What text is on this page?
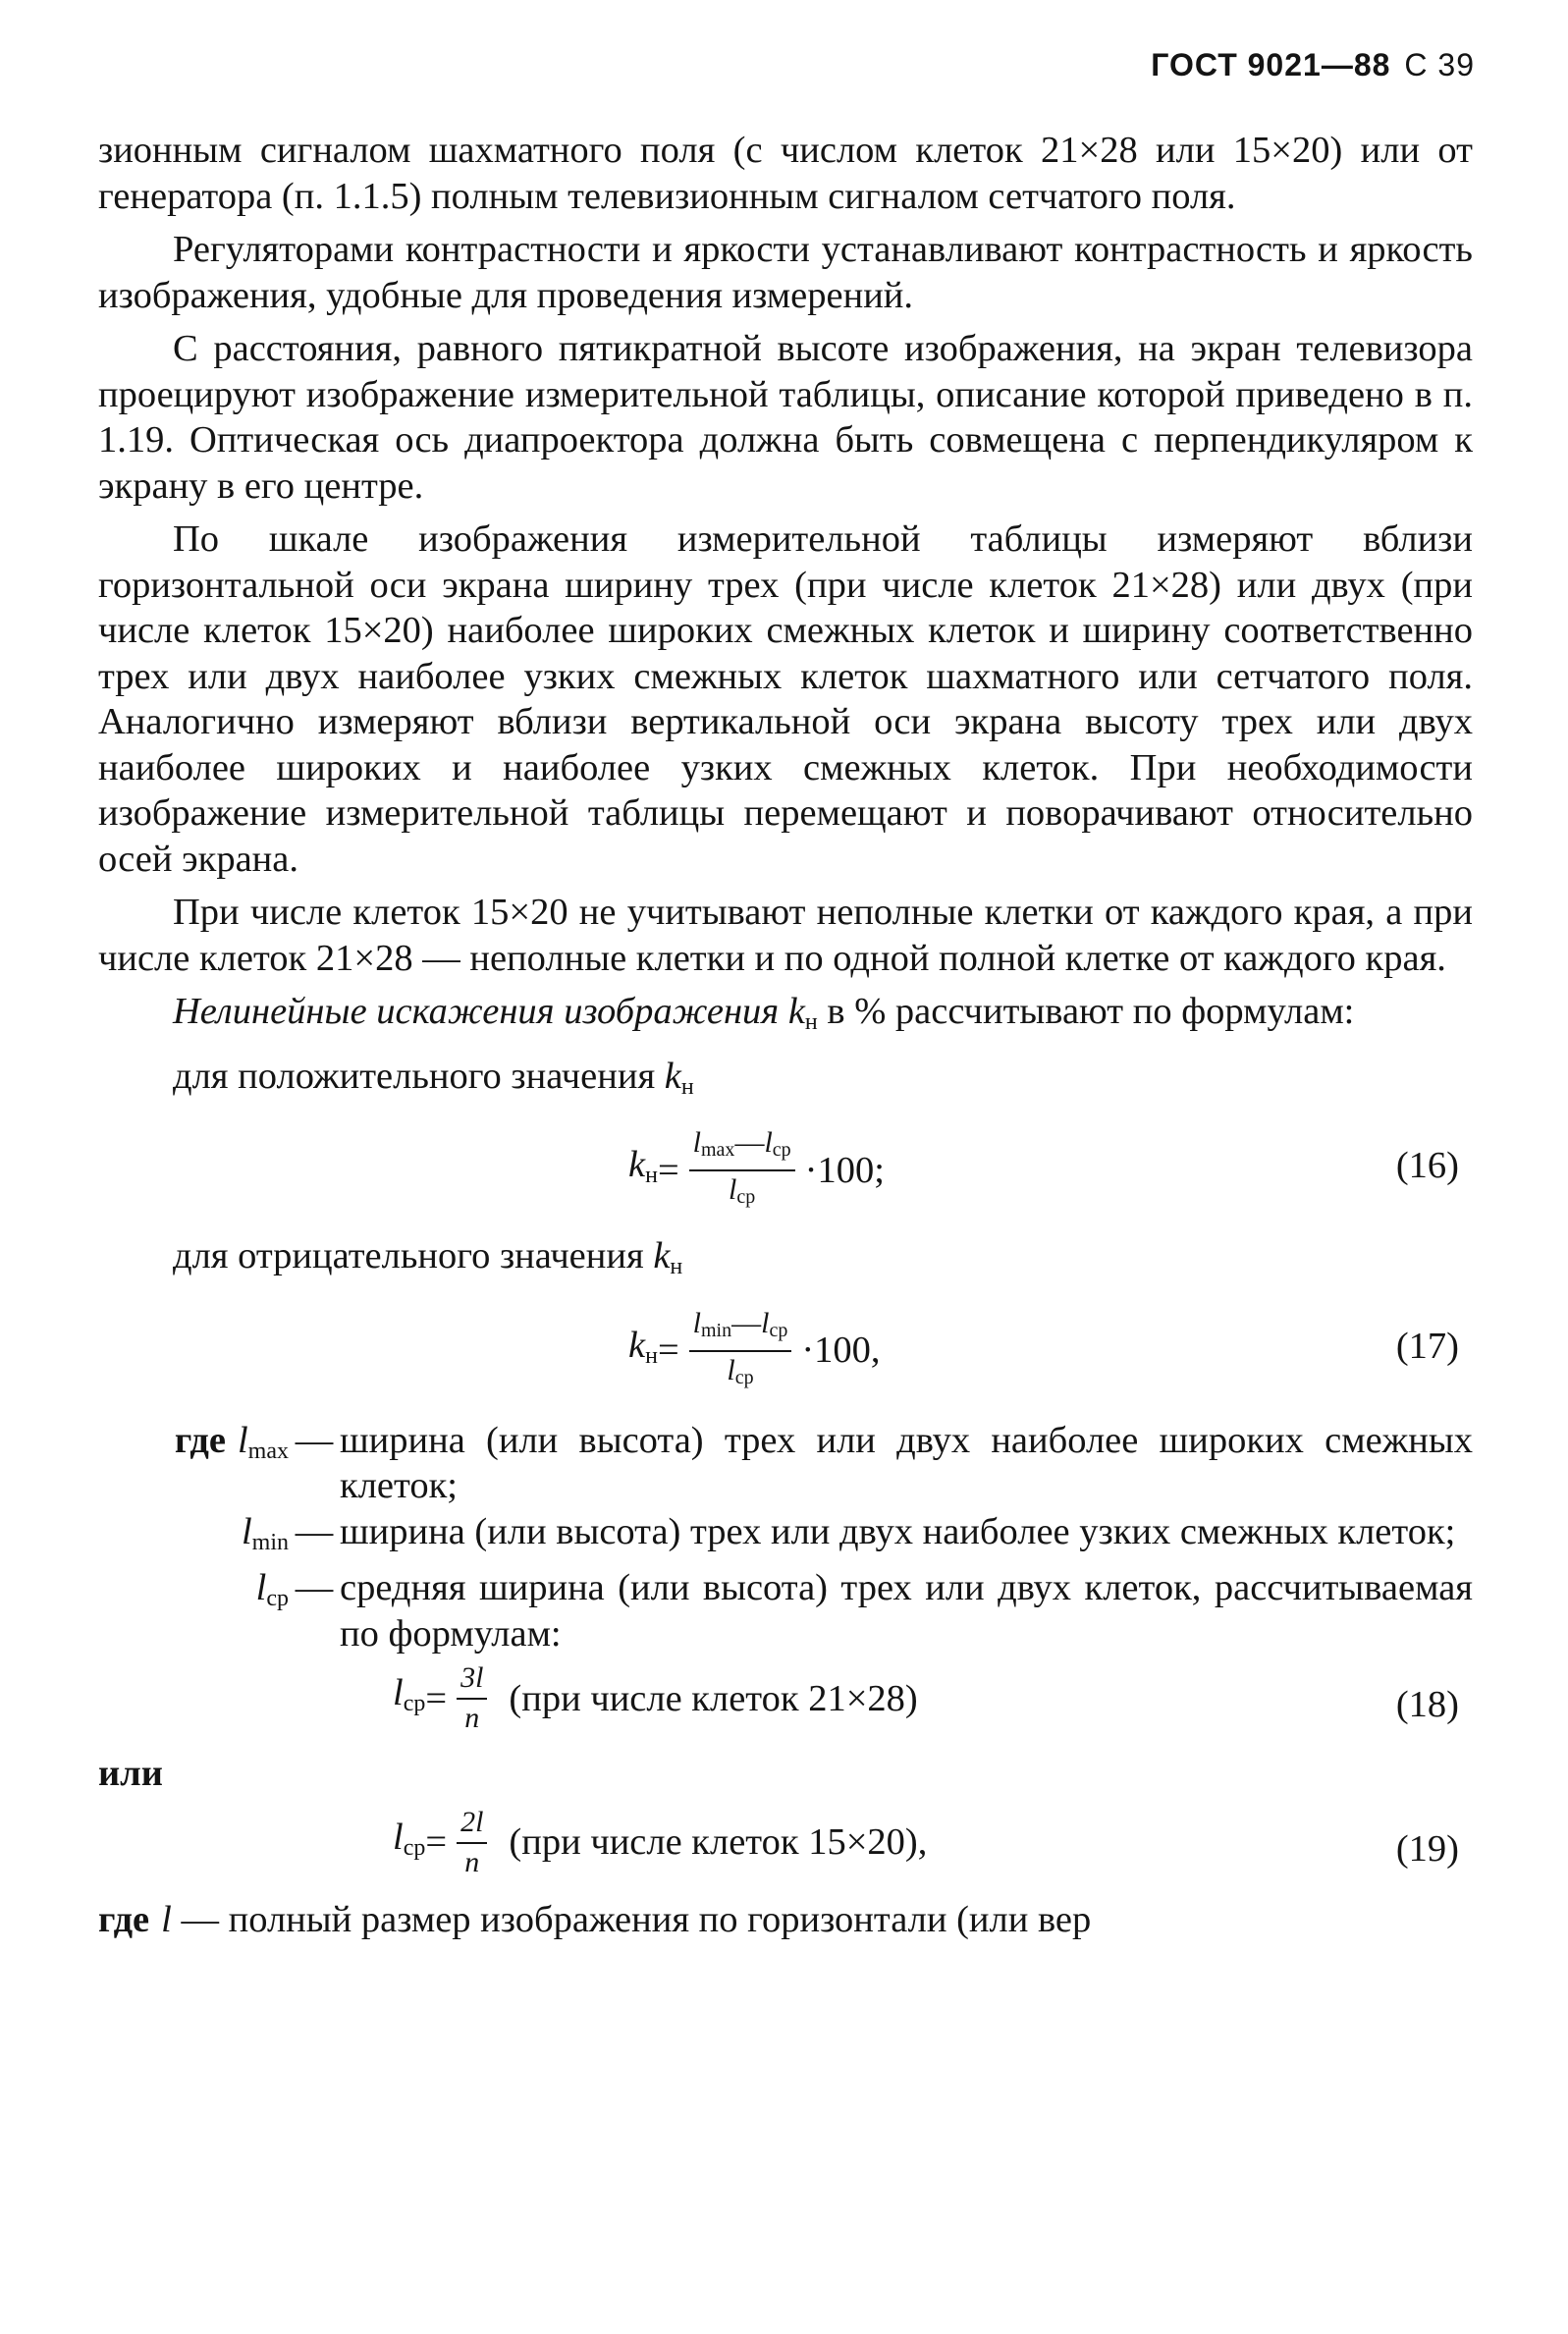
ГОСТ 9021—88 С 39

зионным сигналом шахматного поля (с числом клеток 21×28 или 15×20) или от генератора (п. 1.1.5) полным телевизионным сигналом сетчатого поля.

Регуляторами контрастности и яркости устанавливают контрастность и яркость изображения, удобные для проведения измерений.

С расстояния, равного пятикратной высоте изображения, на экран телевизора проецируют изображение измерительной таблицы, описание которой приведено в п. 1.19. Оптическая ось диапроектора должна быть совмещена с перпендикуляром к экрану в его центре.

По шкале изображения измерительной таблицы измеряют вблизи горизонтальной оси экрана ширину трех (при числе клеток 21×28) или двух (при числе клеток 15×20) наиболее широких смежных клеток и ширину соответственно трех или двух наиболее узких смежных клеток шахматного или сетчатого поля. Аналогично измеряют вблизи вертикальной оси экрана высоту трех или двух наиболее широких и наиболее узких смежных клеток. При необходимости изображение измерительной таблицы перемещают и поворачивают относительно осей экрана.

При числе клеток 15×20 не учитывают неполные клетки от каждого края, а при числе клеток 21×28 — неполные клетки и по одной полной клетке от каждого края.

Нелинейные искажения изображения $k_н$ в % рассчитывают по формулам:

для положительного значения $k_н$

$k_н = \frac{l_{max}—l_{cp}}{l_{cp}} \cdot 100$;	(16)

для отрицательного значения $k_н$

$k_н = \frac{l_{min}—l_{cp}}{l_{cp}} \cdot 100$,	(17)
где $l_{max}$ — ширина (или высота) трех или двух наиболее широких смежных клеток;
$l_{min}$ — ширина (или высота) трех или двух наиболее узких смежных клеток;
$l_{cp}$ — средняя ширина (или высота) трех или двух клеток, рассчитываемая по формулам:
$l_{cp} = \frac{3l}{n} (при$ числе клеток 21×28)	(18)
или
$l_{cp} = \frac{2l}{n} (при$ числе клеток 15×20),	(19)
где l — полный размер изображения по горизонтали (или вер
